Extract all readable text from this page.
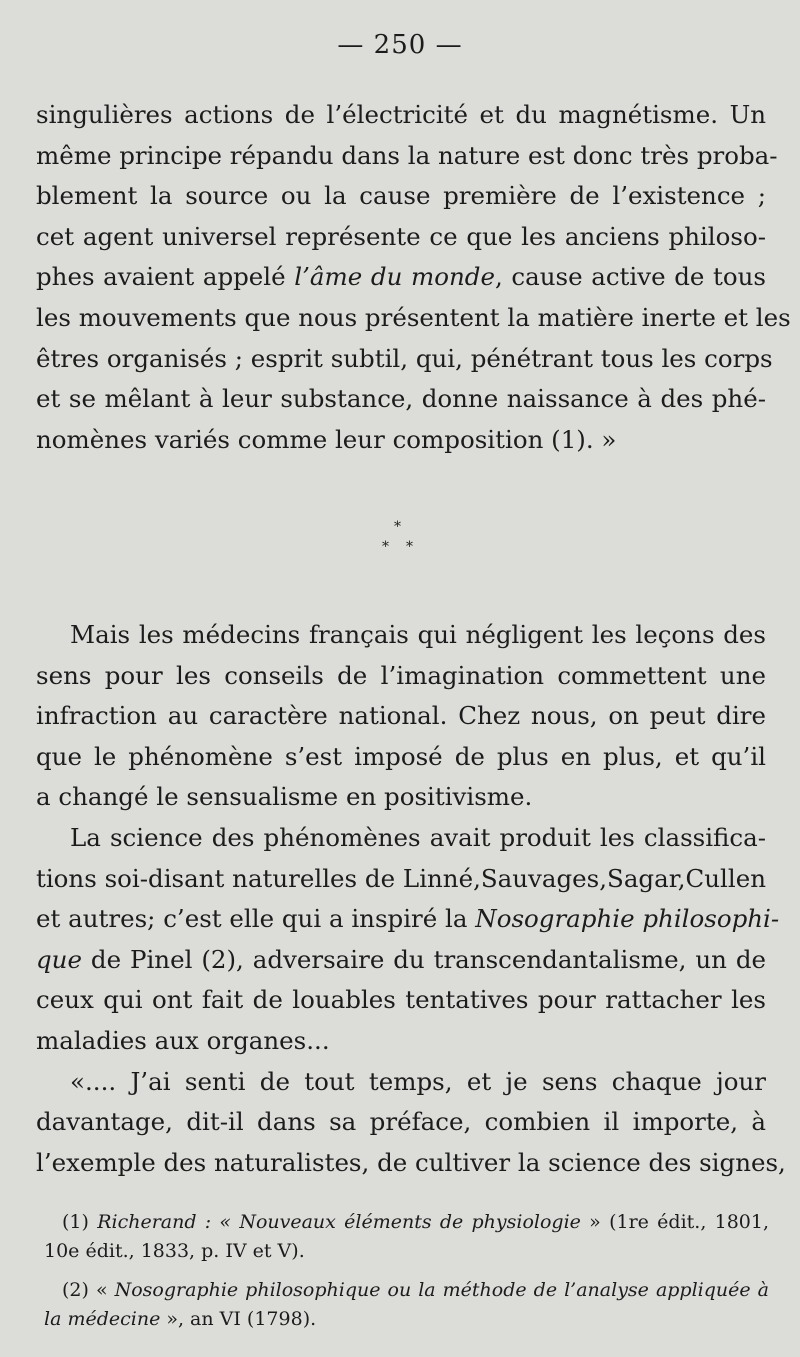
— 250 —
singulières actions de l’électricité et du magnétisme. Un
même principe répandu dans la nature est donc très proba-
blement la source ou la cause première de l’existence ;
cet agent universel représente ce que les anciens philoso-
phes avaient appelé l’âme du monde, cause active de tous
les mouvements que nous présentent la matière inerte et les
êtres organisés ; esprit subtil, qui, pénétrant tous les corps
et se mêlant à leur substance, donne naissance à des phé-
nomènes variés comme leur composition (1). »
*
* *
Mais les médecins français qui négligent les leçons des
sens pour les conseils de l’imagination commettent une
infraction au caractère national. Chez nous, on peut dire
que le phénomène s’est imposé de plus en plus, et qu’il
a changé le sensualisme en positivisme.
La science des phénomènes avait produit les classifica-
tions soi-disant naturelles de Linné,Sauvages,Sagar,Cullen
et autres; c’est elle qui a inspiré la Nosographie philosophi-
que de Pinel (2), adversaire du transcendantalisme, un de
ceux qui ont fait de louables tentatives pour rattacher les
maladies aux organes...
«.... J’ai senti de tout temps, et je sens chaque jour
davantage, dit-il dans sa préface, combien il importe, à
l’exemple des naturalistes, de cultiver la science des signes,
(1) Richerand : « Nouveaux éléments de physiologie » (1re édit., 1801,
10e édit., 1833, p. IV et V).
(2) « Nosographie philosophique ou la méthode de l’analyse appliquée à
la médecine », an VI (1798).
